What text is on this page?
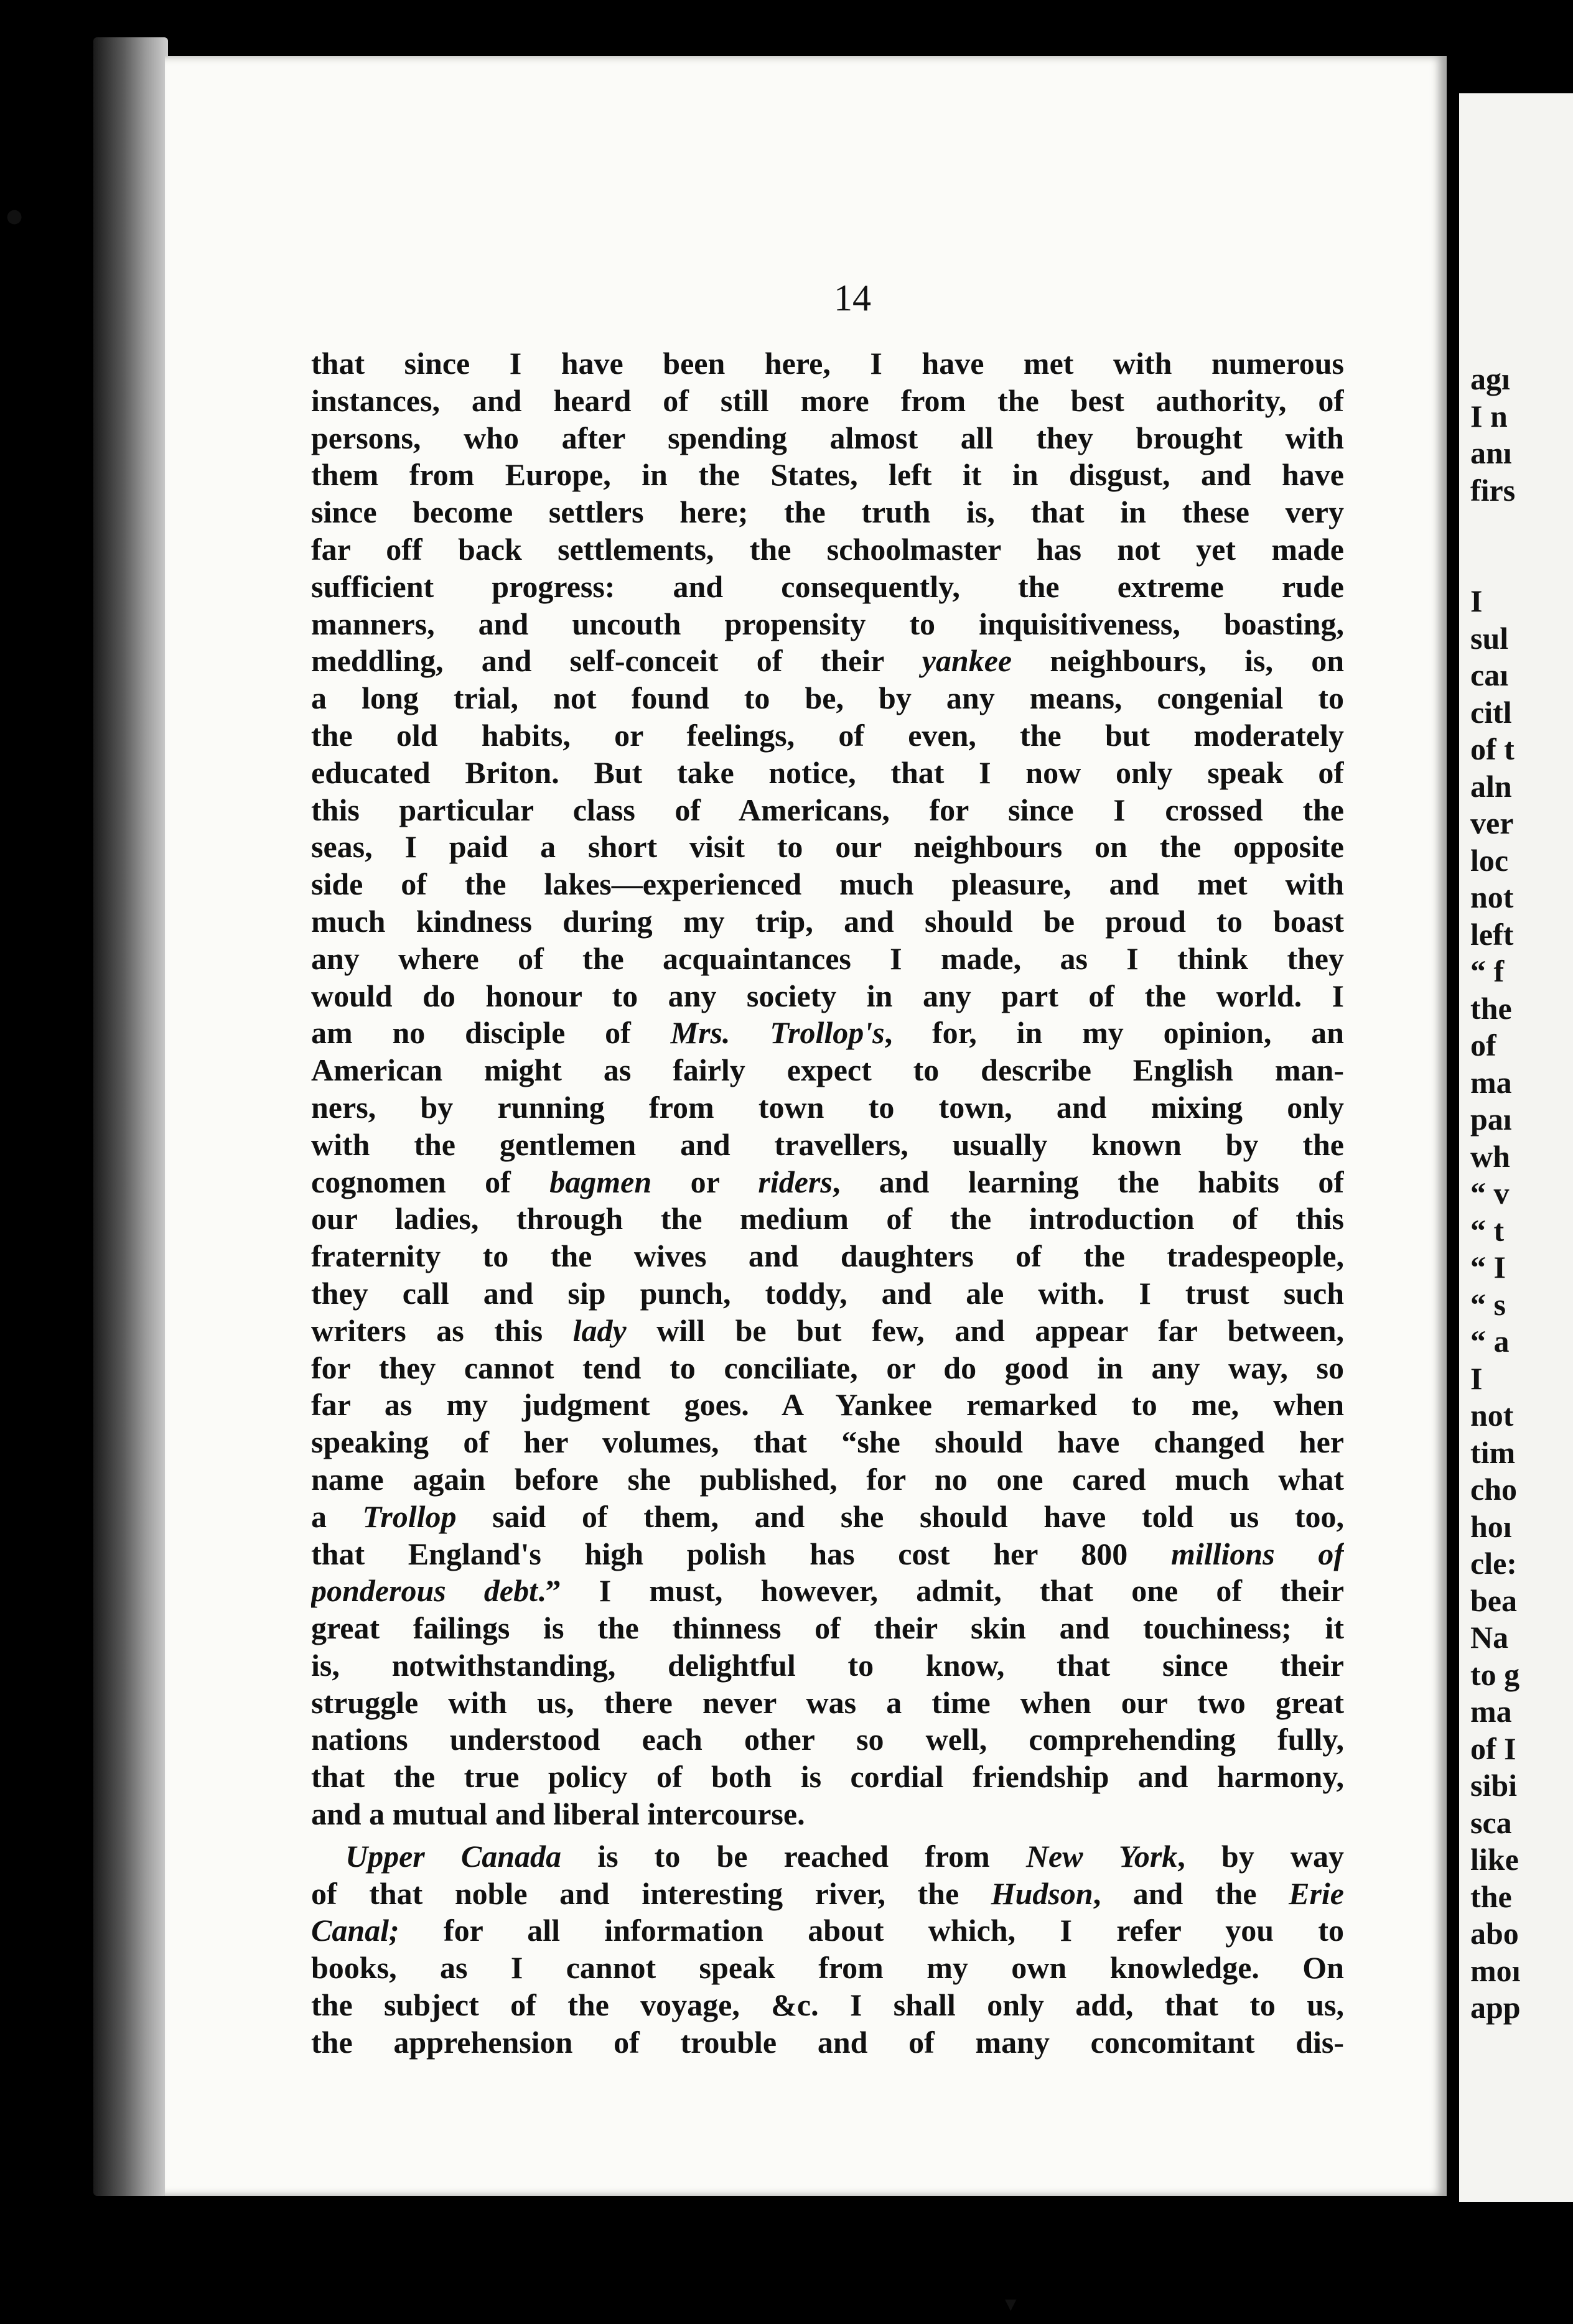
14
that since I have been here, I have met with numerous
instances, and heard of still more from the best authority, of
persons, who after spending almost all they brought with
them from Europe, in the States, left it in disgust, and have
since become settlers here; the truth is, that in these very
far off back settlements, the schoolmaster has not yet made
sufficient progress: and consequently, the extreme rude
manners, and uncouth propensity to inquisitiveness, boasting,
meddling, and self-conceit of their yankee neighbours, is, on
a long trial, not found to be, by any means, congenial to
the old habits, or feelings, of even, the but moderately
educated Briton. But take notice, that I now only speak of
this particular class of Americans, for since I crossed the
seas, I paid a short visit to our neighbours on the opposite
side of the lakes—experienced much pleasure, and met with
much kindness during my trip, and should be proud to boast
any where of the acquaintances I made, as I think they
would do honour to any society in any part of the world. I
am no disciple of Mrs. Trollop's, for, in my opinion, an
American might as fairly expect to describe English man-
ners, by running from town to town, and mixing only
with the gentlemen and travellers, usually known by the
cognomen of bagmen or riders, and learning the habits of
our ladies, through the medium of the introduction of this
fraternity to the wives and daughters of the tradespeople,
they call and sip punch, toddy, and ale with. I trust such
writers as this lady will be but few, and appear far between,
for they cannot tend to conciliate, or do good in any way, so
far as my judgment goes. A Yankee remarked to me, when
speaking of her volumes, that “she should have changed her
name again before she published, for no one cared much what
a Trollop said of them, and she should have told us too,
that England's high polish has cost her 800 millions of
ponderous debt.” I must, however, admit, that one of their
great failings is the thinness of their skin and touchiness; it
is, notwithstanding, delightful to know, that since their
struggle with us, there never was a time when our two great
nations understood each other so well, comprehending fully,
that the true policy of both is cordial friendship and harmony,
and a mutual and liberal intercourse.
Upper Canada is to be reached from New York, by way
of that noble and interesting river, the Hudson, and the Erie
Canal; for all information about which, I refer you to
books, as I cannot speak from my own knowledge. On
the subject of the voyage, &c. I shall only add, that to us,
the apprehension of trouble and of many concomitant dis-
agı
I n
anı
firs

I
sul
caı
citl
of t
aln
ver
loc
not
left
“ f
the
of
ma
paı
wh
“ v
“ t
“ I
“ s
“ a
I
not
tim
cho
hoı
cle:
bea
Na
to g
ma
of I
sibi
sca
like
the
abo
moı
app
●
▼
